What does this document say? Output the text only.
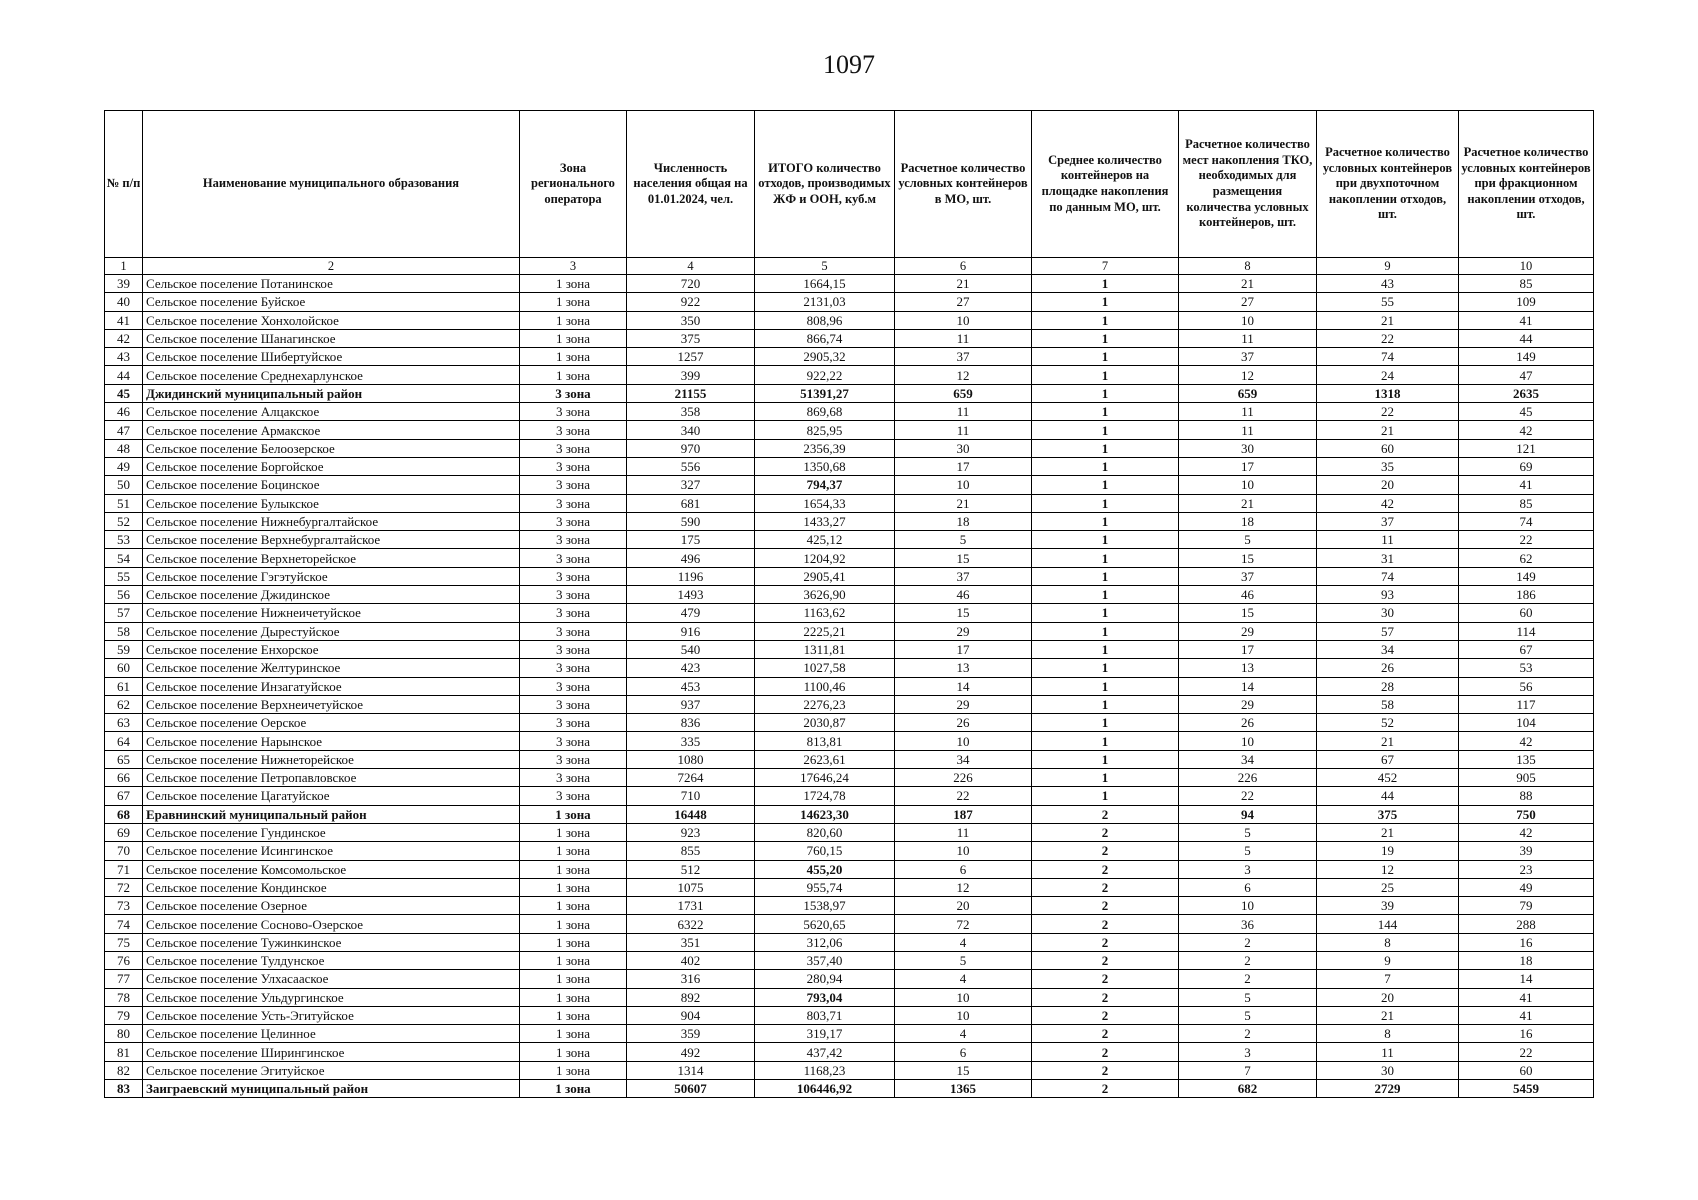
1097
№ п/п	Наименование муниципального образования	Зона регионального оператора	Численность населения общая на 01.01.2024, чел.	ИТОГО количество отходов, производимых ЖФ и ООН, куб.м	Расчетное количество условных контейнеров в МО, шт.	Среднее количество контейнеров на площадке накопления по данным МО, шт.	Расчетное количество мест накопления ТКО, необходимых для размещения количества условных контейнеров, шт.	Расчетное количество условных контейнеров при двухпоточном накоплении отходов, шт.	Расчетное количество условных контейнеров при фракционном накоплении отходов, шт.
1	2	3	4	5	6	7	8	9	10
39	Сельское поселение Потанинское	1 зона	720	1664,15	21	1	21	43	85
40	Сельское поселение Буйское	1 зона	922	2131,03	27	1	27	55	109
41	Сельское поселение Хонхолойское	1 зона	350	808,96	10	1	10	21	41
42	Сельское поселение Шанагинское	1 зона	375	866,74	11	1	11	22	44
43	Сельское поселение Шибертуйское	1 зона	1257	2905,32	37	1	37	74	149
44	Сельское поселение Среднехарлунское	1 зона	399	922,22	12	1	12	24	47
45	Джидинский муниципальный район	3 зона	21155	51391,27	659	1	659	1318	2635
46	Сельское поселение Алцакское	3 зона	358	869,68	11	1	11	22	45
47	Сельское поселение Армакское	3 зона	340	825,95	11	1	11	21	42
48	Сельское поселение Белоозерское	3 зона	970	2356,39	30	1	30	60	121
49	Сельское поселение Боргойское	3 зона	556	1350,68	17	1	17	35	69
50	Сельское поселение Боцинское	3 зона	327	794,37	10	1	10	20	41
51	Сельское поселение Булыкское	3 зона	681	1654,33	21	1	21	42	85
52	Сельское поселение Нижнебургалтайское	3 зона	590	1433,27	18	1	18	37	74
53	Сельское поселение Верхнебургалтайское	3 зона	175	425,12	5	1	5	11	22
54	Сельское поселение Верхнеторейское	3 зона	496	1204,92	15	1	15	31	62
55	Сельское поселение Гэгэтуйское	3 зона	1196	2905,41	37	1	37	74	149
56	Сельское поселение Джидинское	3 зона	1493	3626,90	46	1	46	93	186
57	Сельское поселение Нижнеичетуйское	3 зона	479	1163,62	15	1	15	30	60
58	Сельское поселение Дырестуйское	3 зона	916	2225,21	29	1	29	57	114
59	Сельское поселение Енхорское	3 зона	540	1311,81	17	1	17	34	67
60	Сельское поселение Желтуринское	3 зона	423	1027,58	13	1	13	26	53
61	Сельское поселение Инзагатуйское	3 зона	453	1100,46	14	1	14	28	56
62	Сельское поселение Верхнеичетуйское	3 зона	937	2276,23	29	1	29	58	117
63	Сельское поселение Оерское	3 зона	836	2030,87	26	1	26	52	104
64	Сельское поселение Нарынское	3 зона	335	813,81	10	1	10	21	42
65	Сельское поселение Нижнеторейское	3 зона	1080	2623,61	34	1	34	67	135
66	Сельское поселение Петропавловское	3 зона	7264	17646,24	226	1	226	452	905
67	Сельское поселение Цагатуйское	3 зона	710	1724,78	22	1	22	44	88
68	Еравнинский муниципальный район	1 зона	16448	14623,30	187	2	94	375	750
69	Сельское поселение Гундинское	1 зона	923	820,60	11	2	5	21	42
70	Сельское поселение Исингинское	1 зона	855	760,15	10	2	5	19	39
71	Сельское поселение Комсомольское	1 зона	512	455,20	6	2	3	12	23
72	Сельское поселение Кондинское	1 зона	1075	955,74	12	2	6	25	49
73	Сельское поселение Озерное	1 зона	1731	1538,97	20	2	10	39	79
74	Сельское поселение Сосново-Озерское	1 зона	6322	5620,65	72	2	36	144	288
75	Сельское поселение Тужинкинское	1 зона	351	312,06	4	2	2	8	16
76	Сельское поселение Тулдунское	1 зона	402	357,40	5	2	2	9	18
77	Сельское поселение Улхасаaское	1 зона	316	280,94	4	2	2	7	14
78	Сельское поселение Ульдургинское	1 зона	892	793,04	10	2	5	20	41
79	Сельское поселение Усть-Эгитуйское	1 зона	904	803,71	10	2	5	21	41
80	Сельское поселение Целинное	1 зона	359	319,17	4	2	2	8	16
81	Сельское поселение Ширингинское	1 зона	492	437,42	6	2	3	11	22
82	Сельское поселение Эгитуйское	1 зона	1314	1168,23	15	2	7	30	60
83	Заиграевский муниципальный район	1 зона	50607	106446,92	1365	2	682	2729	5459
